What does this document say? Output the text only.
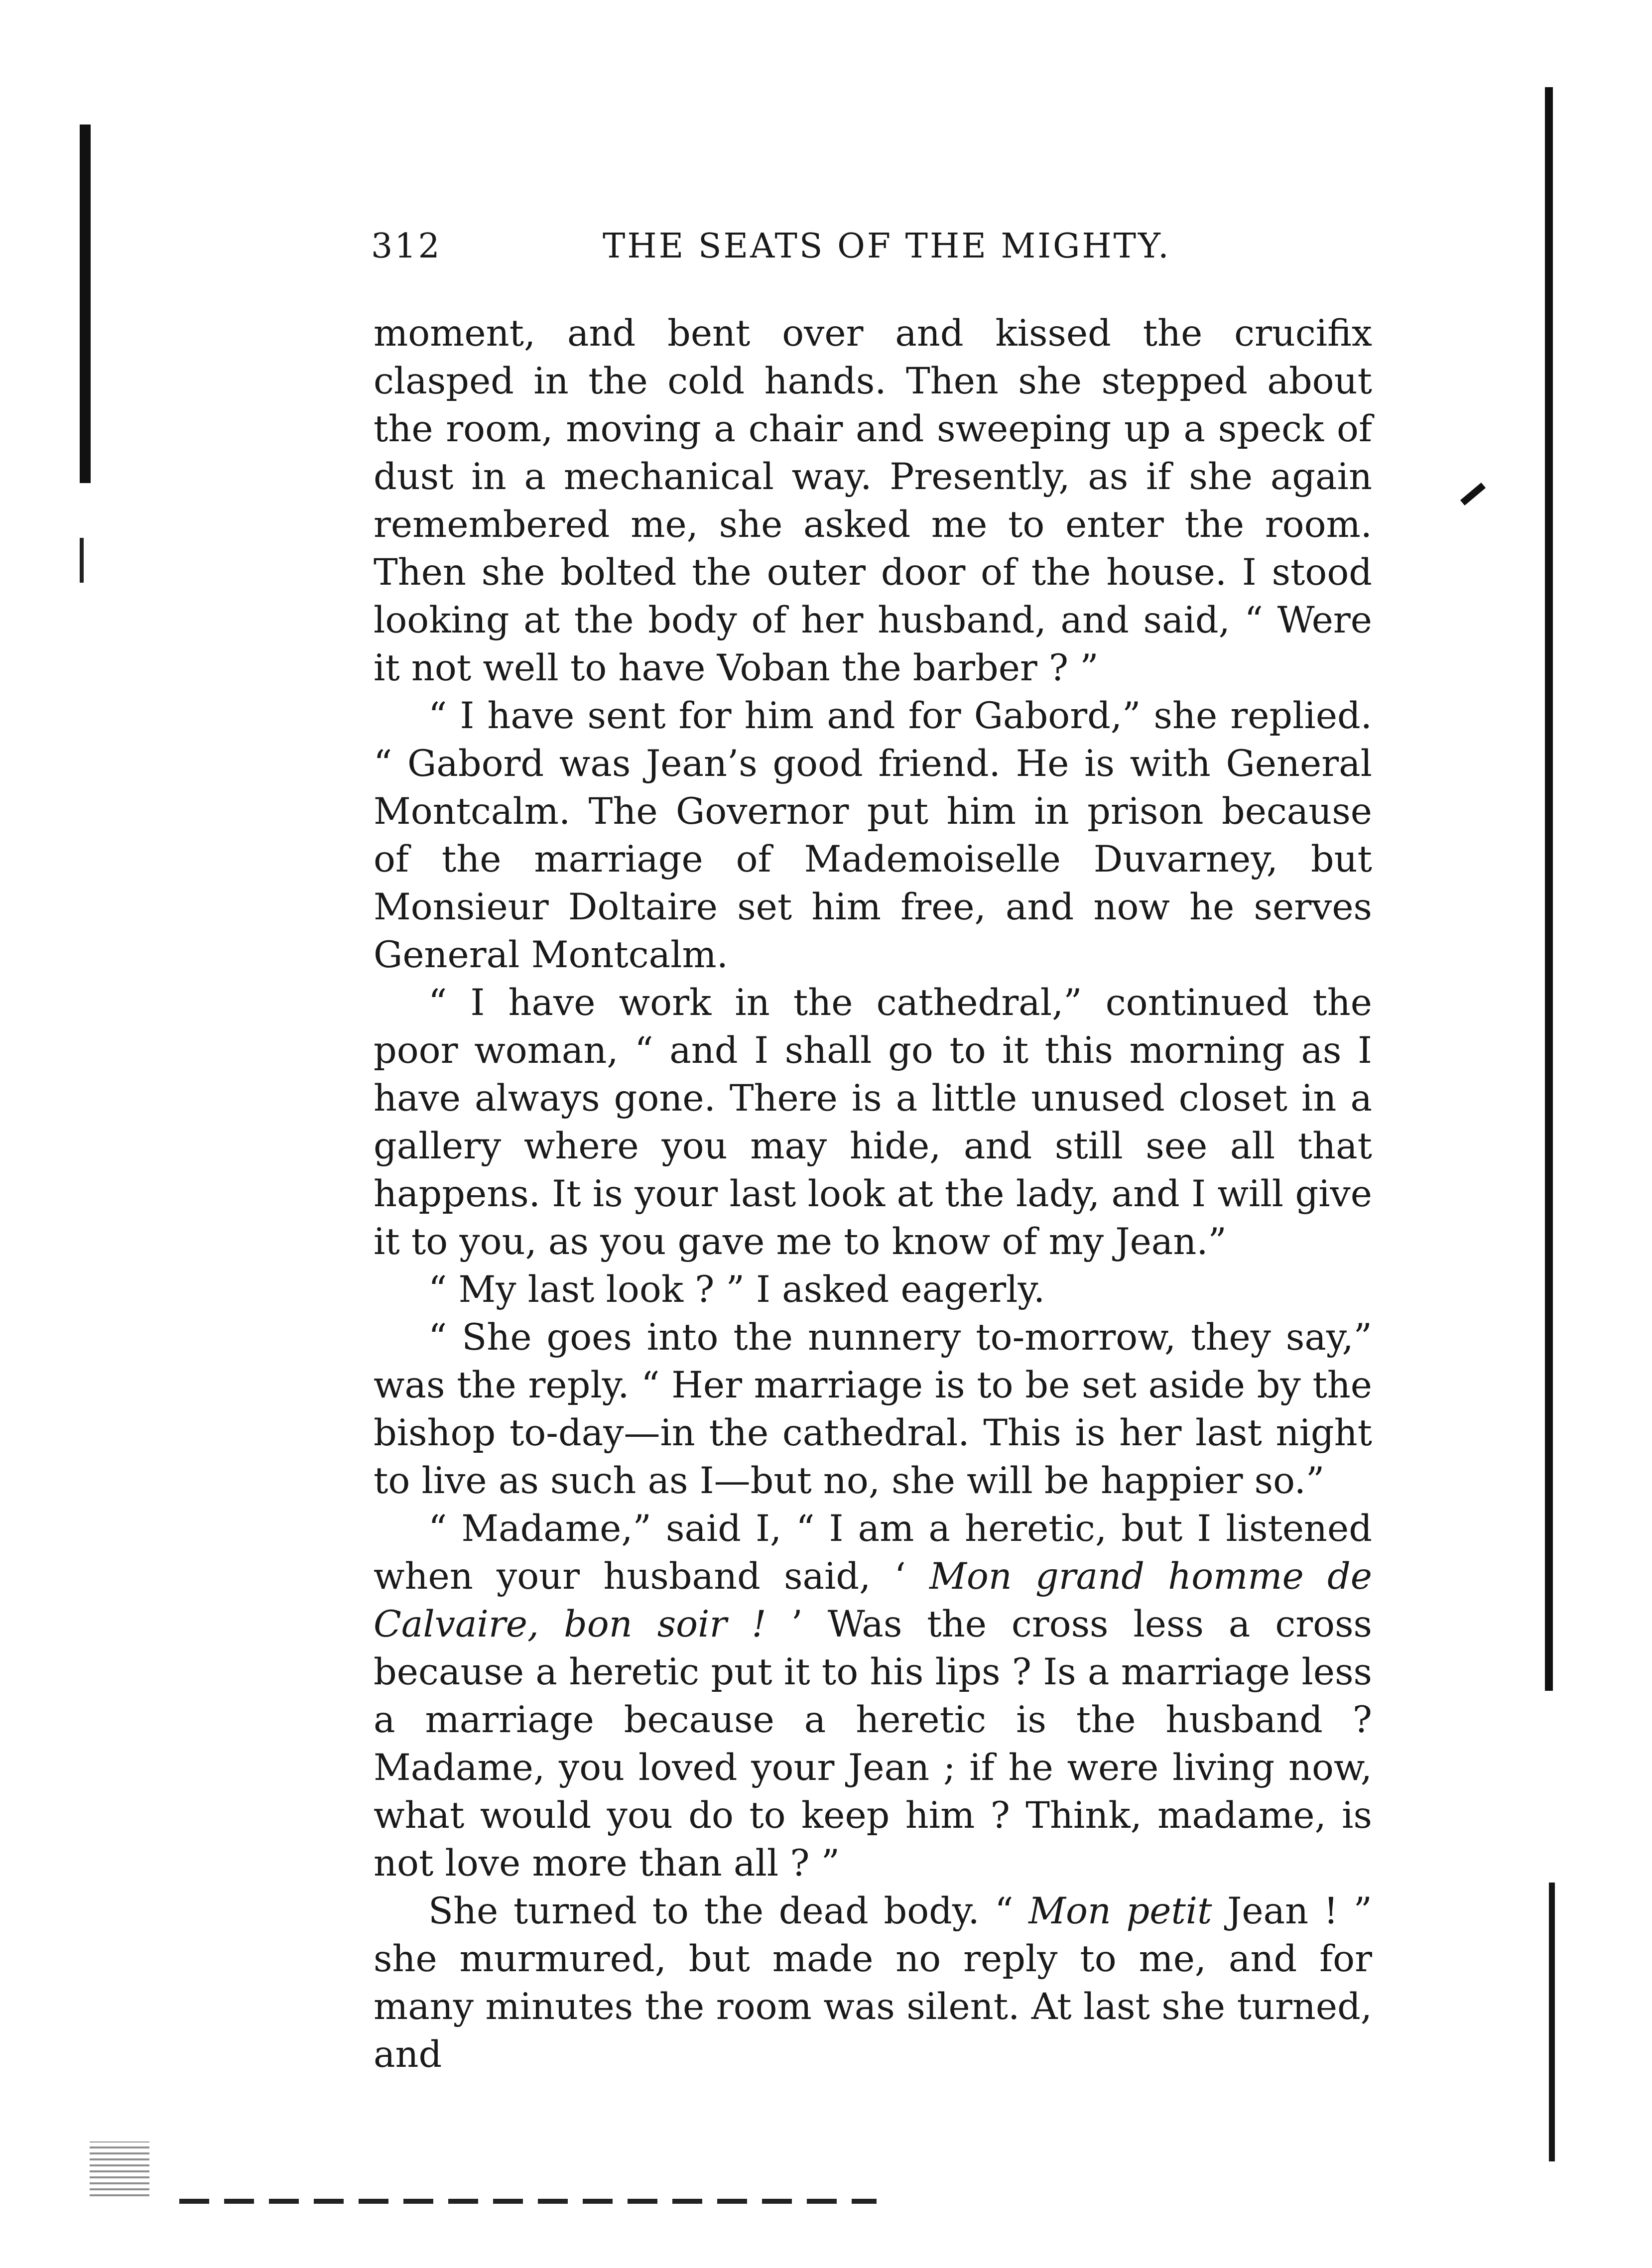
312	THE SEATS OF THE MIGHTY.

moment, and bent over and kissed the crucifix clasped in the cold hands. Then she stepped about the room, moving a chair and sweeping up a speck of dust in a mechanical way. Presently, as if she again remembered me, she asked me to enter the room. Then she bolted the outer door of the house. I stood looking at the body of her husband, and said, “ Were it not well to have Voban the barber ? ”

“ I have sent for him and for Gabord,” she replied. “ Gabord was Jean’s good friend. He is with General Montcalm. The Governor put him in prison because of the marriage of Mademoiselle Duvarney, but Monsieur Doltaire set him free, and now he serves General Montcalm.

“ I have work in the cathedral,” continued the poor woman, “ and I shall go to it this morning as I have always gone. There is a little unused closet in a gallery where you may hide, and still see all that happens. It is your last look at the lady, and I will give it to you, as you gave me to know of my Jean.”

“ My last look ? ” I asked eagerly.

“ She goes into the nunnery to-morrow, they say,” was the reply. “ Her marriage is to be set aside by the bishop to-day—in the cathedral. This is her last night to live as such as I—but no, she will be happier so.”

“ Madame,” said I, “ I am a heretic, but I listened when your husband said, ‘ Mon grand homme de Calvaire, bon soir ! ’ Was the cross less a cross because a heretic put it to his lips ? Is a marriage less a marriage because a heretic is the husband ? Madame, you loved your Jean ; if he were living now, what would you do to keep him ? Think, madame, is not love more than all ? ”

She turned to the dead body. “ Mon petit Jean ! ” she murmured, but made no reply to me, and for many minutes the room was silent. At last she turned, and
